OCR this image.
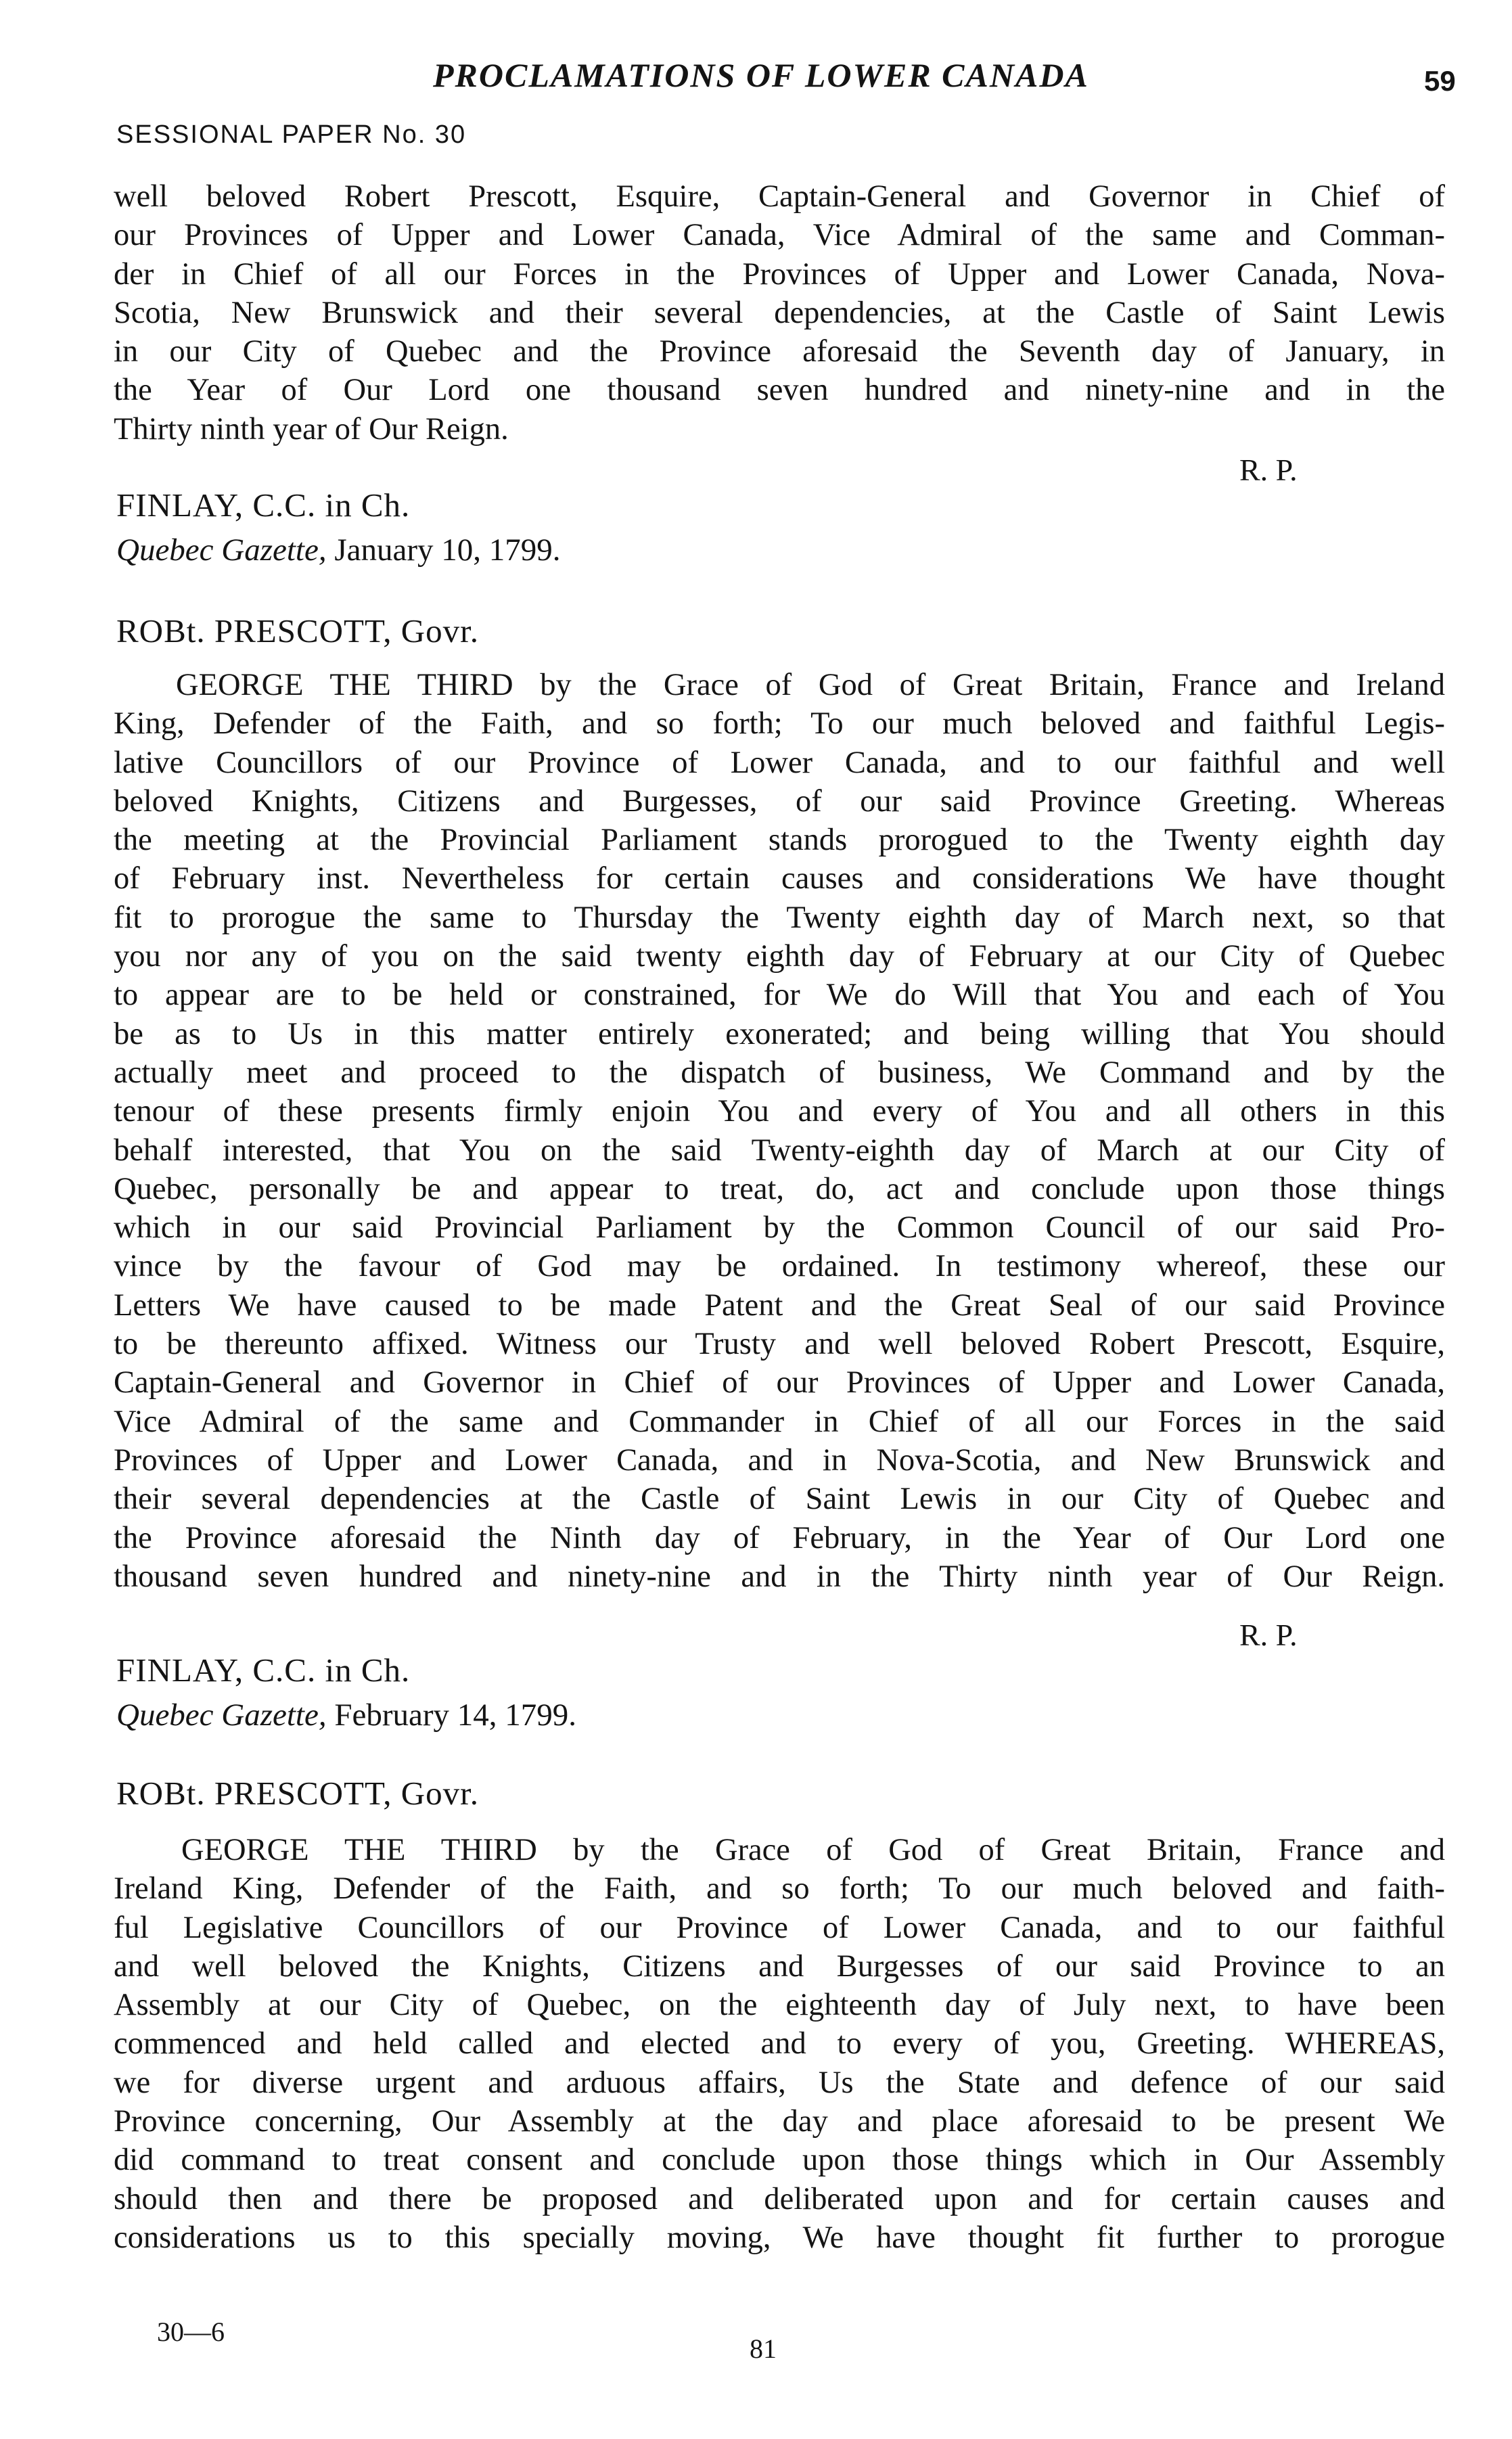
PROCLAMATIONS OF LOWER CANADA	59
SESSIONAL PAPER No. 30
well beloved Robert Prescott, Esquire, Captain-General and Governor in Chief of
our Provinces of Upper and Lower Canada, Vice Admiral of the same and Comman-
der in Chief of all our Forces in the Provinces of Upper and Lower Canada, Nova-
Scotia, New Brunswick and their several dependencies, at the Castle of Saint Lewis
in our City of Quebec and the Province aforesaid the Seventh day of January, in
the Year of Our Lord one thousand seven hundred and ninety-nine and in the
Thirty ninth year of Our Reign.
R. P.
FINLAY, C.C. in Ch.
Quebec Gazette, January 10, 1799.
ROBt. PRESCOTT, Govr.
GEORGE THE THIRD by the Grace of God of Great Britain, France and Ireland
King, Defender of the Faith, and so forth; To our much beloved and faithful Legis-
lative Councillors of our Province of Lower Canada, and to our faithful and well
beloved Knights, Citizens and Burgesses, of our said Province Greeting. Whereas
the meeting at the Provincial Parliament stands prorogued to the Twenty eighth day
of February inst. Nevertheless for certain causes and considerations We have thought
fit to prorogue the same to Thursday the Twenty eighth day of March next, so that
you nor any of you on the said twenty eighth day of February at our City of Quebec
to appear are to be held or constrained, for We do Will that You and each of You
be as to Us in this matter entirely exonerated; and being willing that You should
actually meet and proceed to the dispatch of business, We Command and by the
tenour of these presents firmly enjoin You and every of You and all others in this
behalf interested, that You on the said Twenty-eighth day of March at our City of
Quebec, personally be and appear to treat, do, act and conclude upon those things
which in our said Provincial Parliament by the Common Council of our said Pro-
vince by the favour of God may be ordained. In testimony whereof, these our
Letters We have caused to be made Patent and the Great Seal of our said Province
to be thereunto affixed. Witness our Trusty and well beloved Robert Prescott, Esquire,
Captain-General and Governor in Chief of our Provinces of Upper and Lower Canada,
Vice Admiral of the same and Commander in Chief of all our Forces in the said
Provinces of Upper and Lower Canada, and in Nova-Scotia, and New Brunswick and
their several dependencies at the Castle of Saint Lewis in our City of Quebec and
the Province aforesaid the Ninth day of February, in the Year of Our Lord one
thousand seven hundred and ninety-nine and in the Thirty ninth year of Our Reign.
R. P.
FINLAY, C.C. in Ch.
Quebec Gazette, February 14, 1799.
ROBt. PRESCOTT, Govr.
GEORGE THE THIRD by the Grace of God of Great Britain, France and
Ireland King, Defender of the Faith, and so forth; To our much beloved and faith-
ful Legislative Councillors of our Province of Lower Canada, and to our faithful
and well beloved the Knights, Citizens and Burgesses of our said Province to an
Assembly at our City of Quebec, on the eighteenth day of July next, to have been
commenced and held called and elected and to every of you, Greeting. WHEREAS,
we for diverse urgent and arduous affairs, Us the State and defence of our said
Province concerning, Our Assembly at the day and place aforesaid to be present We
did command to treat consent and conclude upon those things which in Our Assembly
should then and there be proposed and deliberated upon and for certain causes and
considerations us to this specially moving, We have thought fit further to prorogue
30—6
81
